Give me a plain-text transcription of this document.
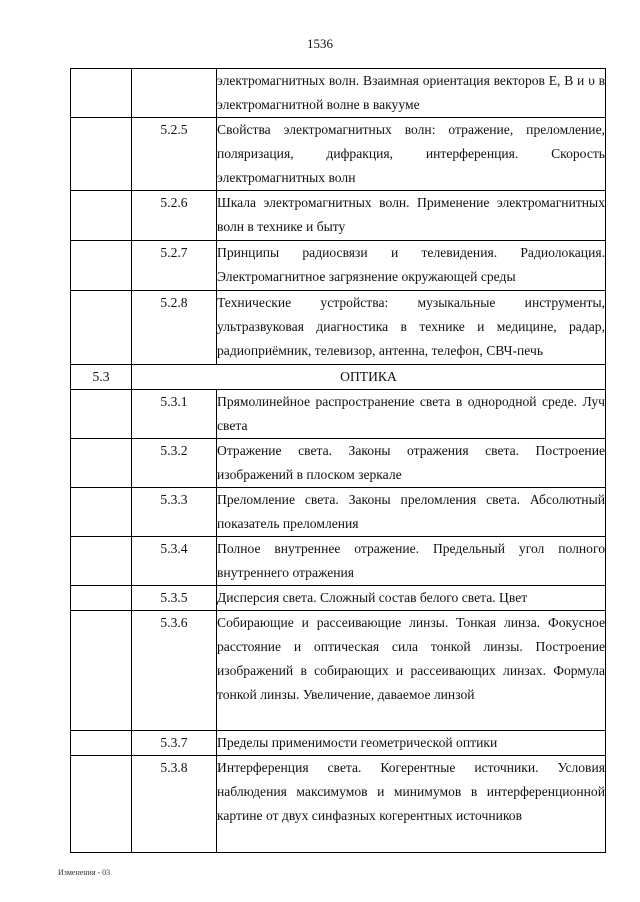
1536

		электромагнитных волн. Взаимная ориентация векторов E, B и υ в электромагнитной волне в вакууме

	5.2.5	Свойства электромагнитных волн: отражение, преломление, поляризация, дифракция, интерференция. Скорость электромагнитных волн

	5.2.6	Шкала электромагнитных волн. Применение электромагнитных волн в технике и быту

	5.2.7	Принципы радиосвязи и телевидения. Радиолокация. Электромагнитное загрязнение окружающей среды

	5.2.8	Технические устройства: музыкальные инструменты, ультразвуковая диагностика в технике и медицине, радар, радиоприёмник, телевизор, антенна, телефон, СВЧ-печь

5.3	ОПТИКА	
	5.3.1	Прямолинейное распространение света в однородной среде. Луч света

	5.3.2	Отражение света. Законы отражения света. Построение изображений в плоском зеркале

	5.3.3	Преломление света. Законы преломления света. Абсолютный показатель преломления

	5.3.4	Полное внутреннее отражение. Предельный угол полного внутреннего отражения

	5.3.5	Дисперсия света. Сложный состав белого света. Цвет

	5.3.6	Собирающие и рассеивающие линзы. Тонкая линза. Фокусное расстояние и оптическая сила тонкой линзы. Построение изображений в собирающих и рассеивающих линзах. Формула тонкой линзы. Увеличение, даваемое линзой

	5.3.7	Пределы применимости геометрической оптики

	5.3.8	Интерференция света. Когерентные источники. Условия наблюдения максимумов и минимумов в интерференционной картине от двух синфазных когерентных источников
Изменения - 03
